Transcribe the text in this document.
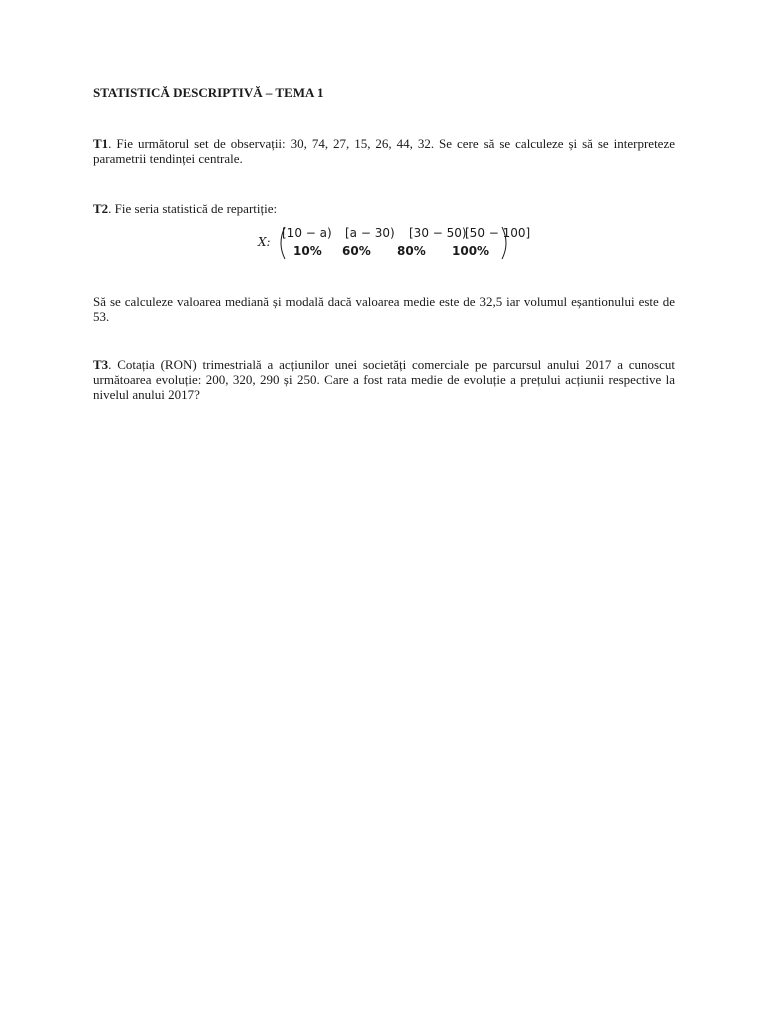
STATISTICĂ DESCRIPTIVĂ – TEMA 1
T1. Fie următorul set de observații: 30, 74, 27, 15, 26, 44, 32. Se cere să se calculeze și să se interpreteze parametrii tendinței centrale.
T2. Fie seria statistică de repartiție:
X:
[10 − a) [a − 30) [30 − 50)
[50 − 100]
10% 60% 80% 100%
Să se calculeze valoarea mediană și modală dacă valoarea medie este de 32,5 iar volumul eșantionului este de 53.
T3. Cotația (RON) trimestrială a acțiunilor unei societăți comerciale pe parcursul anului 2017 a cunoscut următoarea evoluție: 200, 320, 290 și 250. Care a fost rata medie de evoluție a prețului acțiunii respective la nivelul anului 2017?
